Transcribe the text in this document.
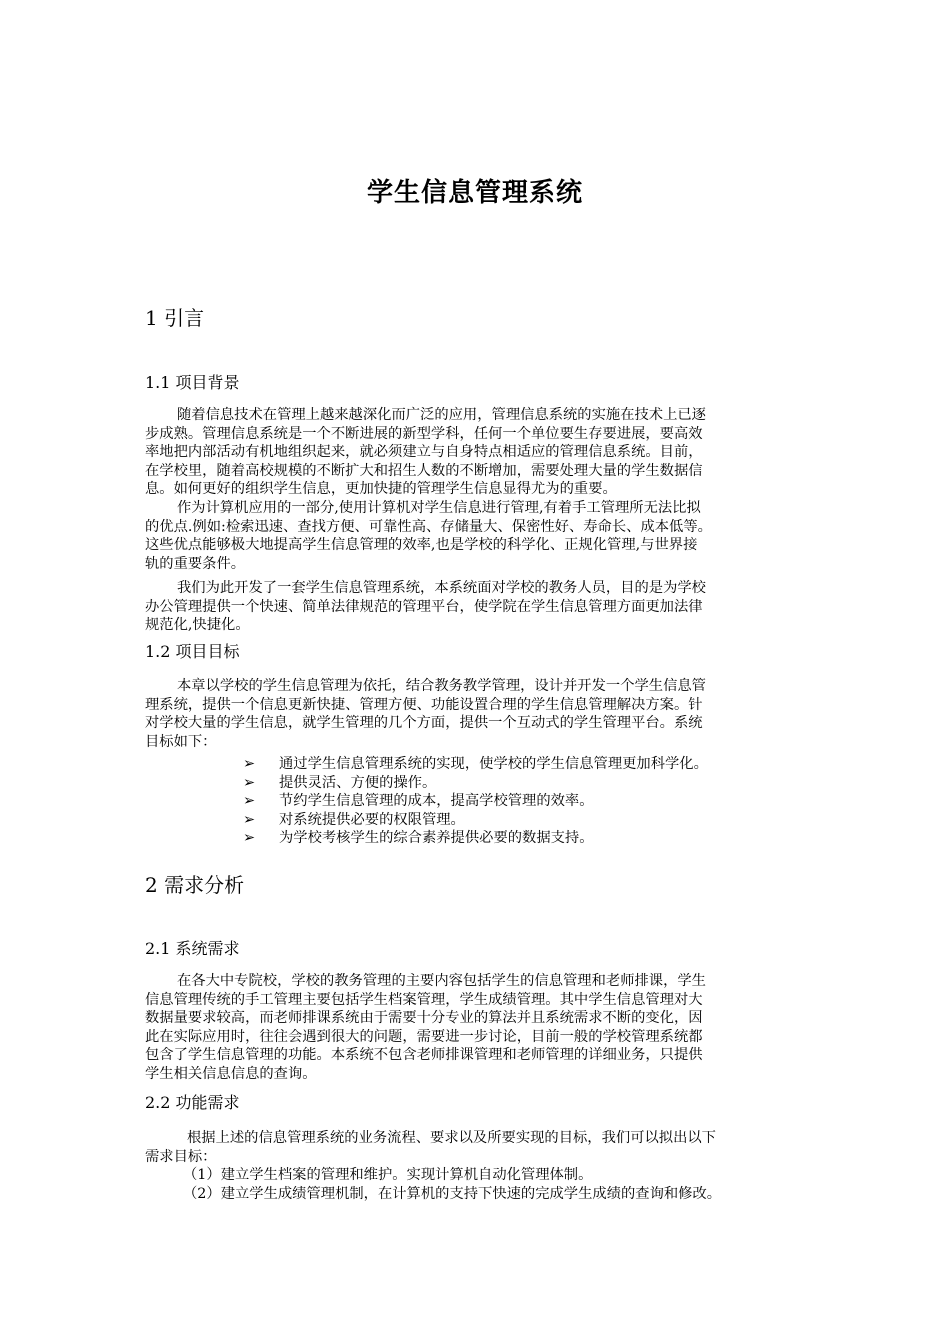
学生信息管理系统
1 引言
1.1 项目背景
随着信息技术在管理上越来越深化而广泛的应用，管理信息系统的实施在技术上已逐
步成熟。管理信息系统是一个不断进展的新型学科，任何一个单位要生存要进展，要高效
率地把内部活动有机地组织起来，就必须建立与自身特点相适应的管理信息系统。目前，
在学校里，随着高校规模的不断扩大和招生人数的不断增加，需要处理大量的学生数据信
息。如何更好的组织学生信息，更加快捷的管理学生信息显得尤为的重要。
作为计算机应用的一部分,使用计算机对学生信息进行管理,有着手工管理所无法比拟
的优点.例如:检索迅速、查找方便、可靠性高、存储量大、保密性好、寿命长、成本低等。
这些优点能够极大地提高学生信息管理的效率,也是学校的科学化、正规化管理,与世界接
轨的重要条件。
我们为此开发了一套学生信息管理系统，本系统面对学校的教务人员，目的是为学校
办公管理提供一个快速、简单法律规范的管理平台，使学院在学生信息管理方面更加法律
规范化,快捷化。
1.2 项目目标
本章以学校的学生信息管理为依托，结合教务教学管理，设计并开发一个学生信息管
理系统，提供一个信息更新快捷、管理方便、功能设置合理的学生信息管理解决方案。针
对学校大量的学生信息，就学生管理的几个方面，提供一个互动式的学生管理平台。系统
目标如下：
➢	通过学生信息管理系统的实现，使学校的学生信息管理更加科学化。
➢	提供灵活、方便的操作。
➢	节约学生信息管理的成本，提高学校管理的效率。
➢	对系统提供必要的权限管理。
➢	为学校考核学生的综合素养提供必要的数据支持。
2 需求分析
2.1 系统需求
在各大中专院校，学校的教务管理的主要内容包括学生的信息管理和老师排课，学生
信息管理传统的手工管理主要包括学生档案管理，学生成绩管理。其中学生信息管理对大
数据量要求较高，而老师排课系统由于需要十分专业的算法并且系统需求不断的变化，因
此在实际应用时，往往会遇到很大的问题，需要进一步讨论，目前一般的学校管理系统都
包含了学生信息管理的功能。本系统不包含老师排课管理和老师管理的详细业务，只提供
学生相关信息信息的查询。
2.2 功能需求
根据上述的信息管理系统的业务流程、要求以及所要实现的目标，我们可以拟出以下
需求目标：
（1）建立学生档案的管理和维护。实现计算机自动化管理体制。
（2）建立学生成绩管理机制，在计算机的支持下快速的完成学生成绩的查询和修改。
